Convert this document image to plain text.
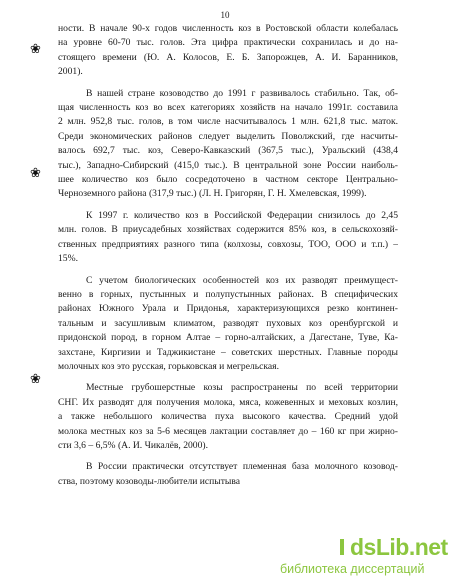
10
ности. В начале 90-х годов численность коз в Ростовской области колебалась
на уровне 60-70 тыс. голов. Эта цифра практически сохранилась и до на-
стоящего времени (Ю. А. Колосов, Е. Б. Запорожцев, А. И. Баранников,
2001).
В нашей стране козоводство до 1991 г развивалось стабильно. Так, об-
щая численность коз во всех категориях хозяйств на начало 1991г. составила
2 млн. 952,8 тыс. голов, в том числе насчитывалось 1 млн. 621,8 тыс. маток.
Среди экономических районов следует выделить Поволжский, где насчиты-
валось 692,7 тыс. коз, Северо-Кавказский (367,5 тыс.), Уральский (438,4
тыс.), Западно-Сибирский (415,0 тыс.). В центральной зоне России наиболь-
шее количество коз было сосредоточено в частном секторе Центрально-
Черноземного района (317,9 тыс.) (Л. Н. Григорян, Г. Н. Хмелевская, 1999).
К 1997 г. количество коз в Российской Федерации снизилось до 2,45
млн. голов. В приусадебных хозяйствах содержится 85% коз, в сельскохозяй-
ственных предприятиях разного типа (колхозы, совхозы, ТОО, ООО и т.п.) –
15%.
С учетом биологических особенностей коз их разводят преимущест-
венно в горных, пустынных и полупустынных районах. В специфических
районах Южного Урала и Придонья, характеризующихся резко континен-
тальным и засушливым климатом, разводят пуховых коз оренбургской и
придонской пород, в горном Алтае – горно-алтайских, а Дагестане, Туве, Ка-
захстане, Киргизии и Таджикистане – советских шерстных. Главные породы
молочных коз это русская, горьковская и мегрельская.
Местные грубошерстные козы распространены по всей территории
СНГ. Их разводят для получения молока, мяса, кожевенных и меховых козлин,
а также небольшого количества пуха высокого качества. Средний удой
молока местных коз за 5-6 месяцев лактации составляет до – 160 кг при жирно-
сти 3,6 – 6,5% (А. И. Чикалёв, 2000).
В России практически отсутствует племенная база молочного козовод-
ства, поэтому козоводы-любители испытыва
❀
❀
❀
dsLib.net
библиотека диссертаций
